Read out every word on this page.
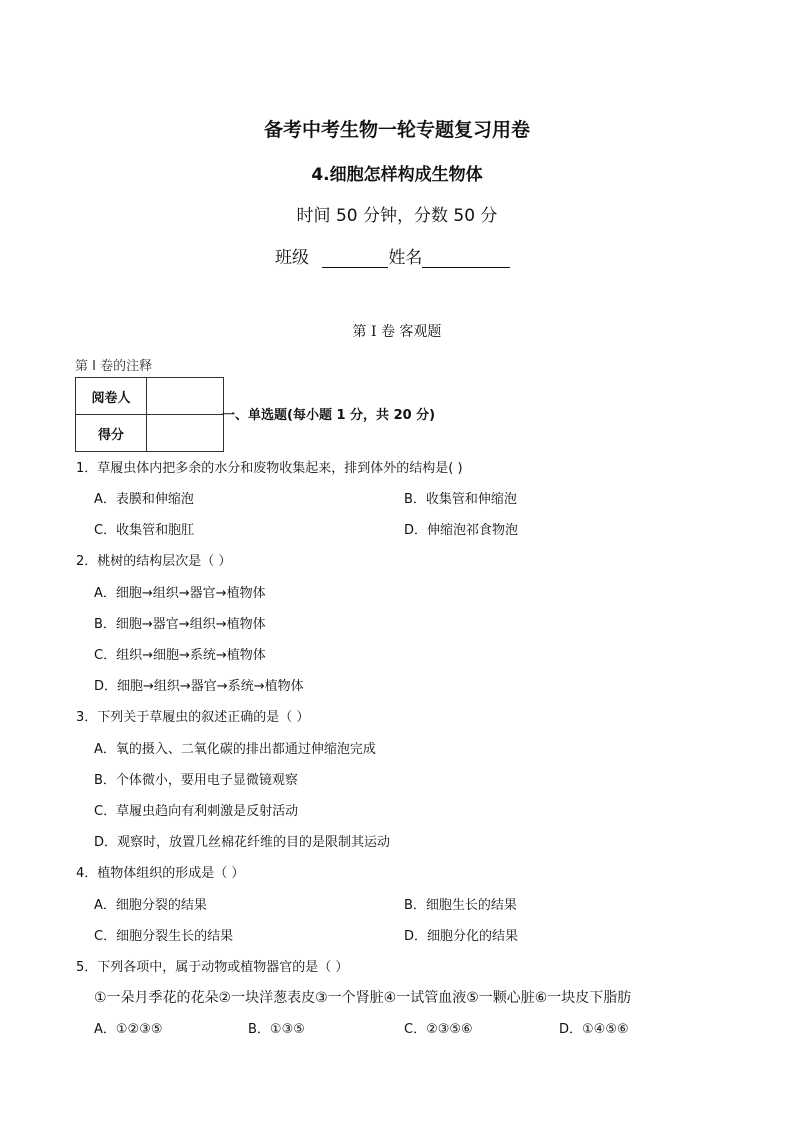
备考中考生物一轮专题复习用卷
4.细胞怎样构成生物体
时间 50 分钟，分数 50 分
班级	姓名
第 I 卷 客观题
第 I 卷的注释
阅卷人	
得分	
一、单选题(每小题 1 分，共 20 分)
1．草履虫体内把多余的水分和废物收集起来，排到体外的结构是( )
A．表膜和伸缩泡	B．收集管和伸缩泡
C．收集管和胞肛	D．伸缩泡祁食物泡
2．桃树的结构层次是（ ）
A．细胞→组织→器官→植物体
B．细胞→器官→组织→植物体
C．组织→细胞→系统→植物体
D．细胞→组织→器官→系统→植物体
3．下列关于草履虫的叙述正确的是（ ）
A．氧的摄入、二氧化碳的排出都通过伸缩泡完成
B．个体微小，要用电子显微镜观察
C．草履虫趋向有利刺激是反射活动
D．观察时，放置几丝棉花纤维的目的是限制其运动
4．植物体组织的形成是（ ）
A．细胞分裂的结果	B．细胞生长的结果
C．细胞分裂生长的结果	D．细胞分化的结果
5．下列各项中，属于动物或植物器官的是（ ）
①一朵月季花的花朵②一块洋葱表皮③一个肾脏④一试管血液⑤一颗心脏⑥一块皮下脂肪
A．①②③⑤	B．①③⑤	C．②③⑤⑥	D．①④⑤⑥
